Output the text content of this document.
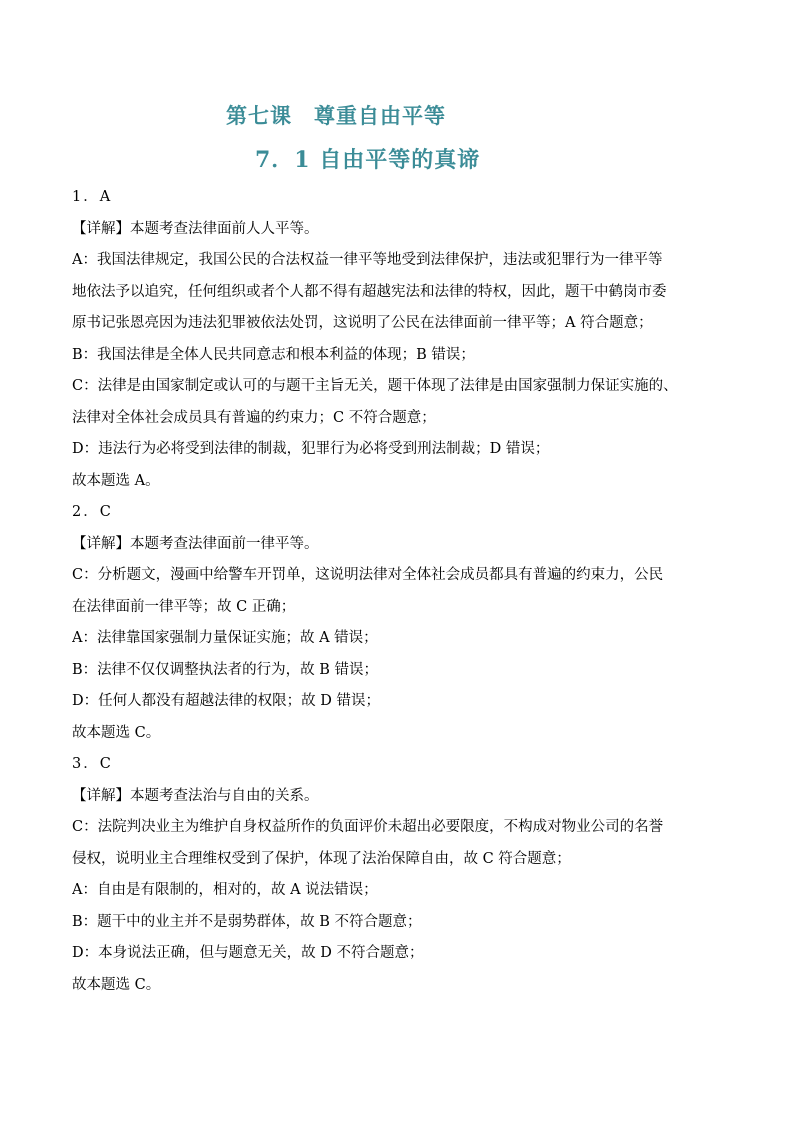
第七课 尊重自由平等
7．1 自由平等的真谛
1．A
【详解】本题考查法律面前人人平等。
A：我国法律规定，我国公民的合法权益一律平等地受到法律保护，违法或犯罪行为一律平等
地依法予以追究，任何组织或者个人都不得有超越宪法和法律的特权，因此，题干中鹤岗市委
原书记张恩亮因为违法犯罪被依法处罚，这说明了公民在法律面前一律平等；A 符合题意；
B：我国法律是全体人民共同意志和根本利益的体现；B 错误；
C：法律是由国家制定或认可的与题干主旨无关，题干体现了法律是由国家强制力保证实施的、
法律对全体社会成员具有普遍的约束力；C 不符合题意；
D：违法行为必将受到法律的制裁，犯罪行为必将受到刑法制裁；D 错误；
故本题选 A。
2．C
【详解】本题考查法律面前一律平等。
C：分析题文，漫画中给警车开罚单，这说明法律对全体社会成员都具有普遍的约束力，公民
在法律面前一律平等；故 C 正确；
A：法律靠国家强制力量保证实施；故 A 错误；
B：法律不仅仅调整执法者的行为，故 B 错误；
D：任何人都没有超越法律的权限；故 D 错误；
故本题选 C。
3．C
【详解】本题考查法治与自由的关系。
C：法院判决业主为维护自身权益所作的负面评价未超出必要限度，不构成对物业公司的名誉
侵权，说明业主合理维权受到了保护，体现了法治保障自由，故 C 符合题意；
A：自由是有限制的，相对的，故 A 说法错误；
B：题干中的业主并不是弱势群体，故 B 不符合题意；
D：本身说法正确，但与题意无关，故 D 不符合题意；
故本题选 C。
